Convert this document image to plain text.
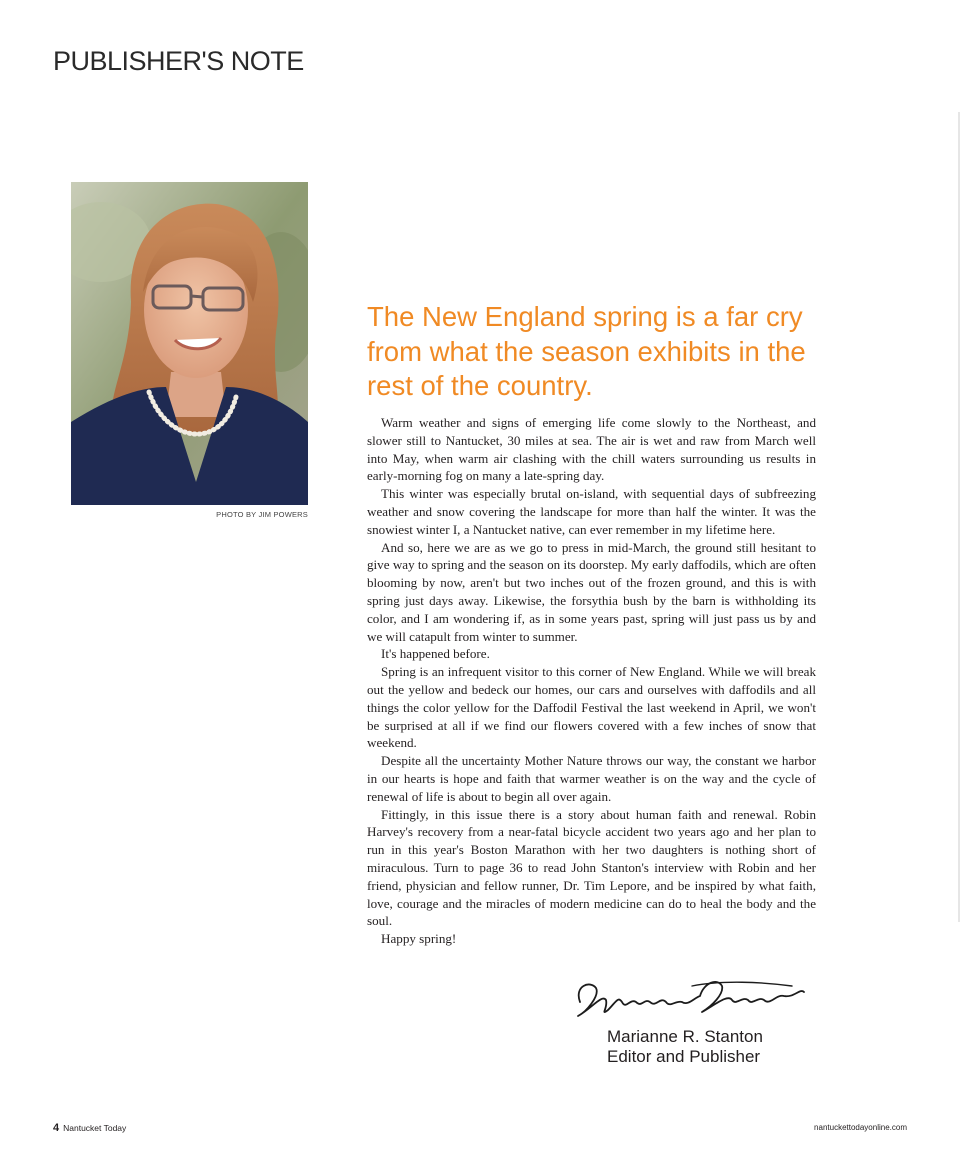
PUBLISHER'S NOTE
PHOTO BY JIM POWERS
The New England spring is a far cry from what the season exhibits in the rest of the country.

Warm weather and signs of emerging life come slowly to the Northeast, and slower still to Nantucket, 30 miles at sea. The air is wet and raw from March well into May, when warm air clashing with the chill waters surrounding us results in early-morning fog on many a late-spring day.

This winter was especially brutal on-island, with sequential days of subfreezing weather and snow covering the landscape for more than half the winter. It was the snowiest winter I, a Nantucket native, can ever remember in my lifetime here.

And so, here we are as we go to press in mid-March, the ground still hesitant to give way to spring and the season on its doorstep. My early daffodils, which are often blooming by now, aren't but two inches out of the frozen ground, and this is with spring just days away. Likewise, the forsythia bush by the barn is withholding its color, and I am wondering if, as in some years past, spring will just pass us by and we will catapult from winter to summer.

It's happened before.

Spring is an infrequent visitor to this corner of New England. While we will break out the yellow and bedeck our homes, our cars and ourselves with daffodils and all things the color yellow for the Daffodil Festival the last weekend in April, we won't be surprised at all if we find our flowers covered with a few inches of snow that weekend.

Despite all the uncertainty Mother Nature throws our way, the constant we harbor in our hearts is hope and faith that warmer weather is on the way and the cycle of renewal of life is about to begin all over again.

Fittingly, in this issue there is a story about human faith and renewal. Robin Harvey's recovery from a near-fatal bicycle accident two years ago and her plan to run in this year's Boston Marathon with her two daughters is nothing short of miraculous. Turn to page 36 to read John Stanton's interview with Robin and her friend, physician and fellow runner, Dr. Tim Lepore, and be inspired by what faith, love, courage and the miracles of modern medicine can do to heal the body and the soul.

Happy spring!

Marianne R. Stanton
Editor and Publisher
4 Nantucket Today	nantuckettodayonline.com
